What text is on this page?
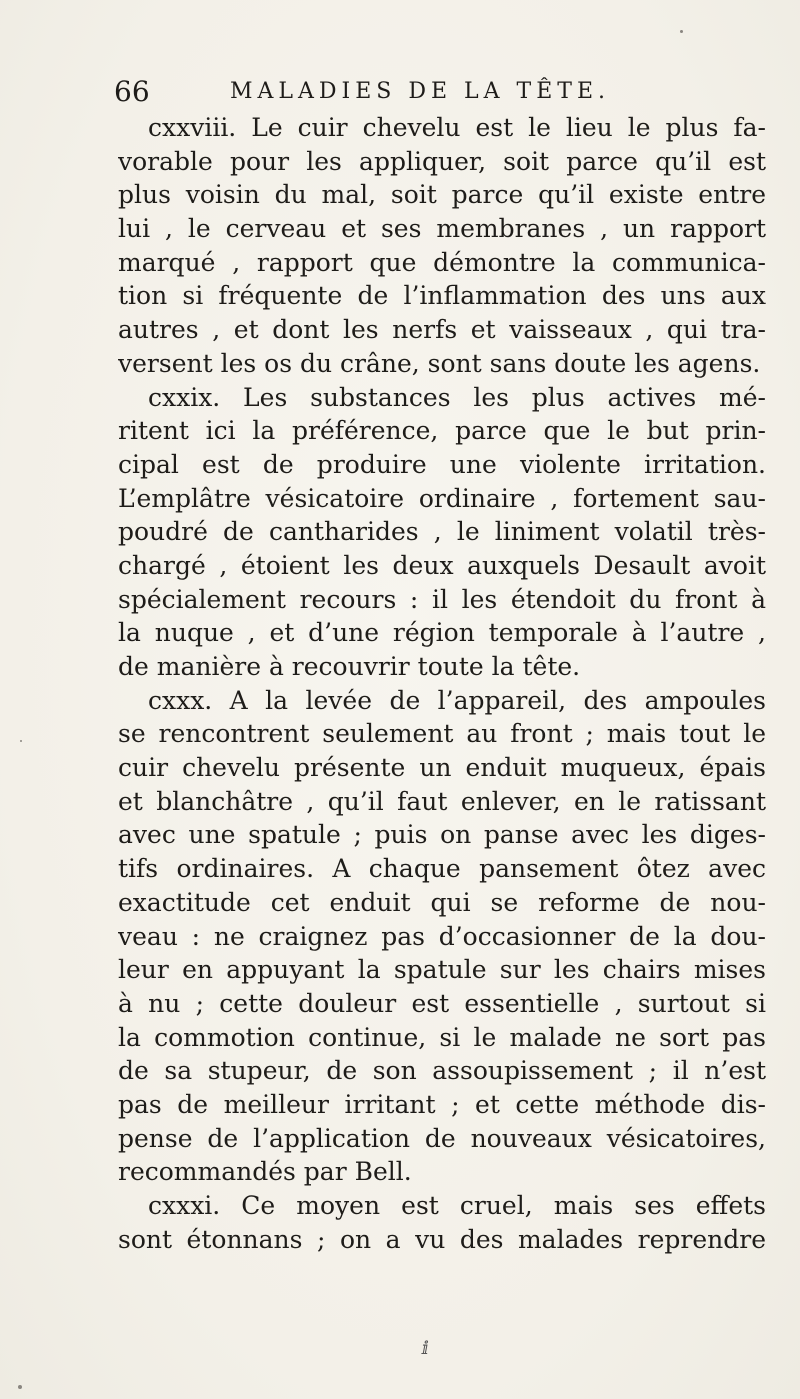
66	MALADIES DE LA TÊTE.
cxxviii. Le cuir chevelu est le lieu le plus fa-
vorable pour les appliquer, soit parce qu’il est
plus voisin du mal, soit parce qu’il existe entre
lui , le cerveau et ses membranes , un rapport
marqué , rapport que démontre la communica-
tion si fréquente de l’inflammation des uns aux
autres , et dont les nerfs et vaisseaux , qui tra-
versent les os du crâne, sont sans doute les agens.
cxxix. Les substances les plus actives mé-
ritent ici la préférence, parce que le but prin-
cipal est de produire une violente irritation.
L’emplâtre vésicatoire ordinaire , fortement sau-
poudré de cantharides , le liniment volatil très-
chargé , étoient les deux auxquels Desault avoit
spécialement recours : il les étendoit du front à
la nuque , et d’une région temporale à l’autre ,
de manière à recouvrir toute la tête.
cxxx. A la levée de l’appareil, des ampoules
se rencontrent seulement au front ; mais tout le
cuir chevelu présente un enduit muqueux, épais
et blanchâtre , qu’il faut enlever, en le ratissant
avec une spatule ; puis on panse avec les diges-
tifs ordinaires. A chaque pansement ôtez avec
exactitude cet enduit qui se reforme de nou-
veau : ne craignez pas d’occasionner de la dou-
leur en appuyant la spatule sur les chairs mises
à nu ; cette douleur est essentielle , surtout si
la commotion continue, si le malade ne sort pas
de sa stupeur, de son assoupissement ; il n’est
pas de meilleur irritant ; et cette méthode dis-
pense de l’application de nouveaux vésicatoires,
recommandés par Bell.
cxxxi. Ce moyen est cruel, mais ses effets
sont étonnans ; on a vu des malades reprendre
ⅈ
